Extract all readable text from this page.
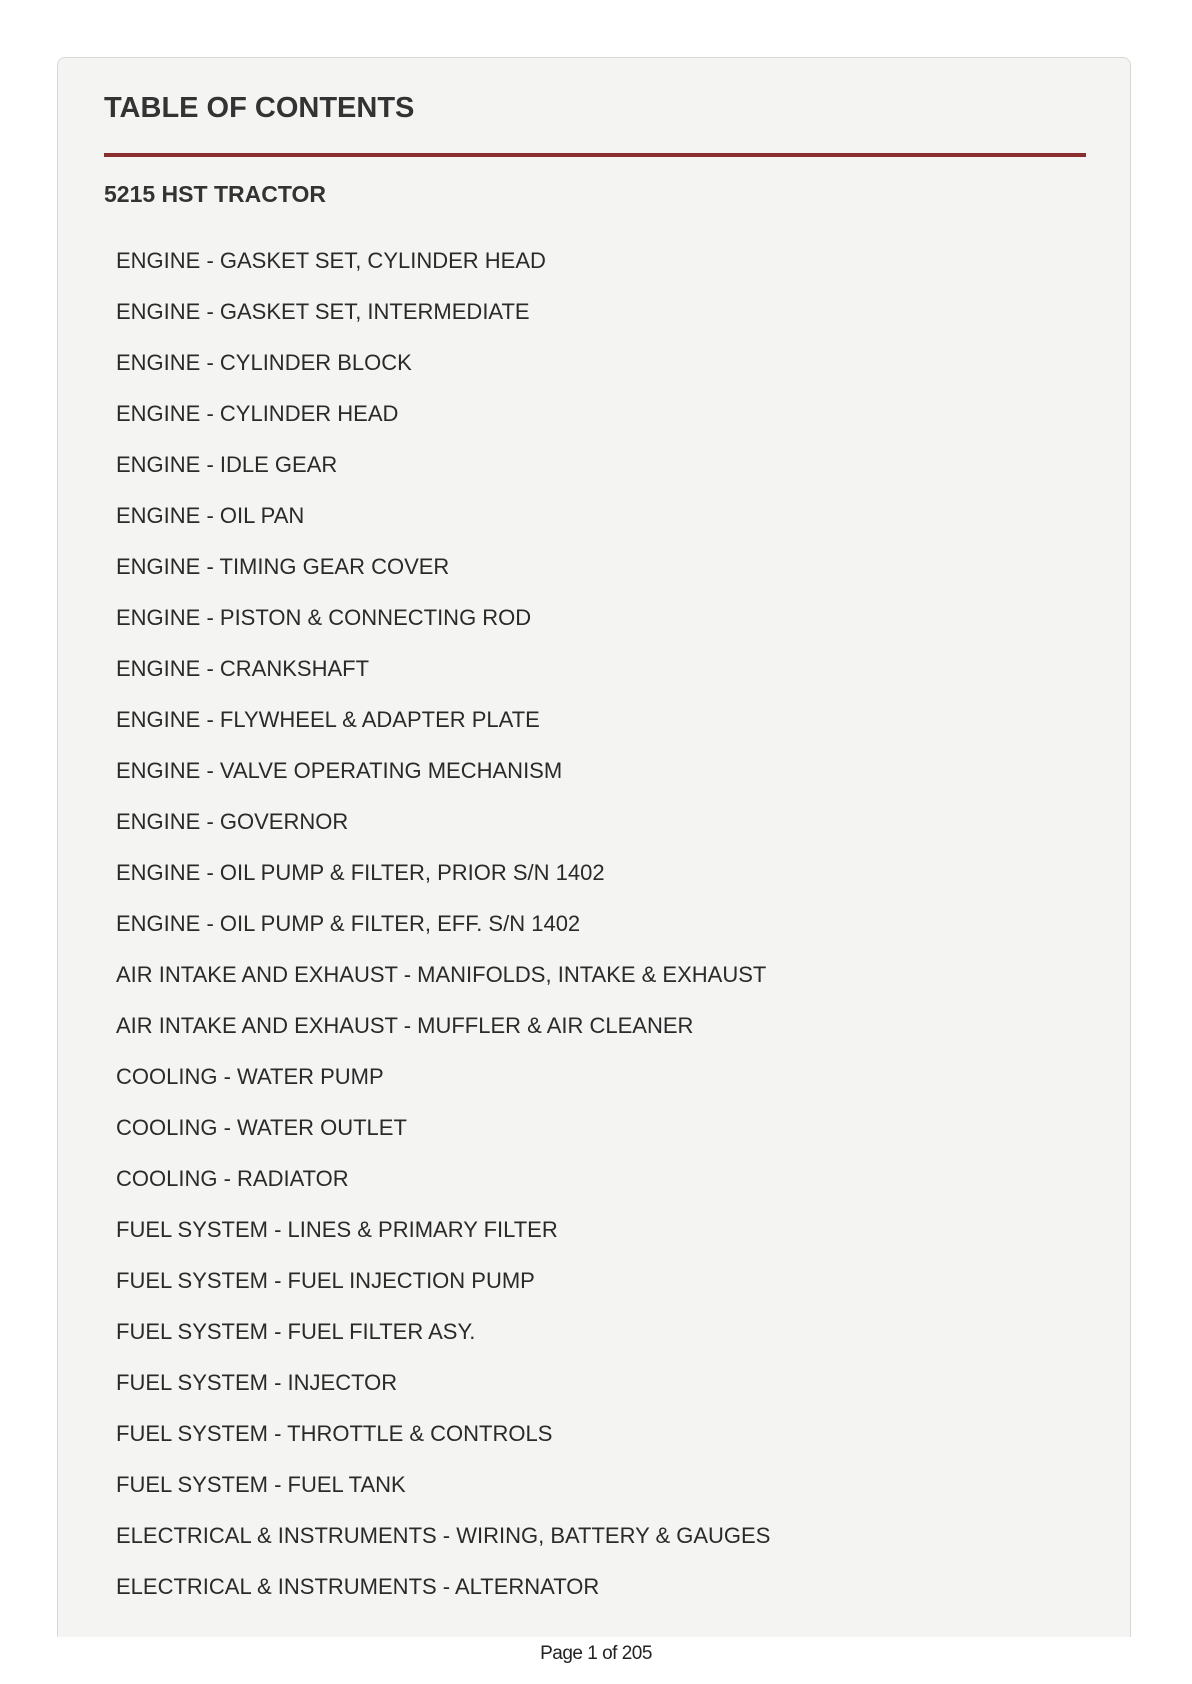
TABLE OF CONTENTS
5215 HST TRACTOR
ENGINE - GASKET SET, CYLINDER HEAD
ENGINE - GASKET SET, INTERMEDIATE
ENGINE - CYLINDER BLOCK
ENGINE - CYLINDER HEAD
ENGINE - IDLE GEAR
ENGINE - OIL PAN
ENGINE - TIMING GEAR COVER
ENGINE - PISTON & CONNECTING ROD
ENGINE - CRANKSHAFT
ENGINE - FLYWHEEL & ADAPTER PLATE
ENGINE - VALVE OPERATING MECHANISM
ENGINE - GOVERNOR
ENGINE - OIL PUMP & FILTER, PRIOR S/N 1402
ENGINE - OIL PUMP & FILTER, EFF. S/N 1402
AIR INTAKE AND EXHAUST - MANIFOLDS, INTAKE & EXHAUST
AIR INTAKE AND EXHAUST - MUFFLER & AIR CLEANER
COOLING - WATER PUMP
COOLING - WATER OUTLET
COOLING - RADIATOR
FUEL SYSTEM - LINES & PRIMARY FILTER
FUEL SYSTEM - FUEL INJECTION PUMP
FUEL SYSTEM - FUEL FILTER ASY.
FUEL SYSTEM - INJECTOR
FUEL SYSTEM - THROTTLE & CONTROLS
FUEL SYSTEM - FUEL TANK
ELECTRICAL & INSTRUMENTS - WIRING, BATTERY & GAUGES
ELECTRICAL & INSTRUMENTS - ALTERNATOR
Page 1 of 205
